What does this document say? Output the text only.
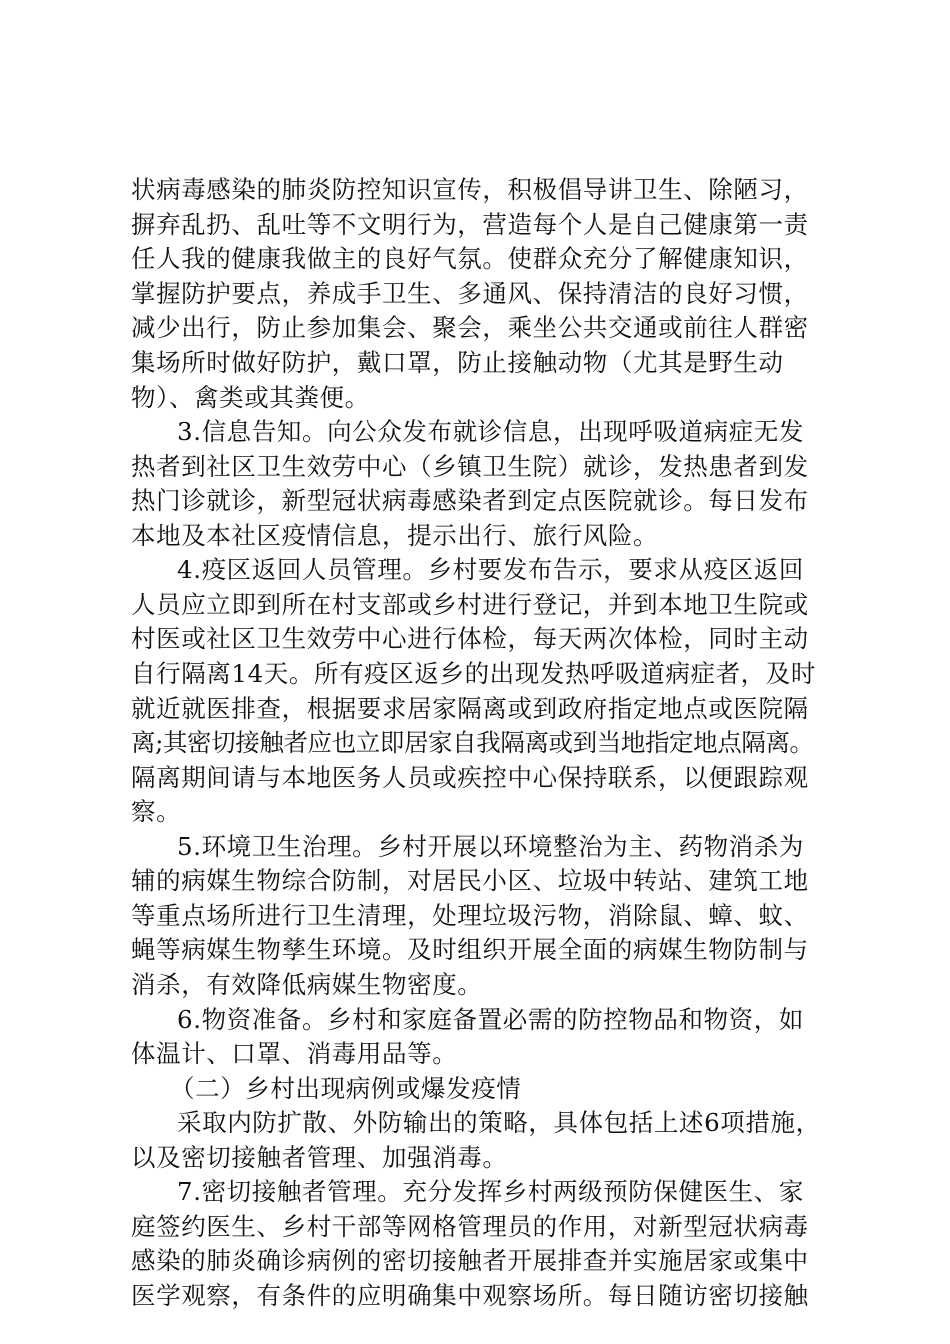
状病毒感染的肺炎防控知识宣传，积极倡导讲卫生、除陋习，
摒弃乱扔、乱吐等不文明行为，营造每个人是自己健康第一责
任人我的健康我做主的良好气氛。使群众充分了解健康知识，
掌握防护要点，养成手卫生、多通风、保持清洁的良好习惯，
减少出行，防止参加集会、聚会，乘坐公共交通或前往人群密
集场所时做好防护，戴口罩，防止接触动物（尤其是野生动
物）、禽类或其粪便。
3.信息告知。向公众发布就诊信息，出现呼吸道病症无发
热者到社区卫生效劳中心（乡镇卫生院）就诊，发热患者到发
热门诊就诊，新型冠状病毒感染者到定点医院就诊。每日发布
本地及本社区疫情信息，提示出行、旅行风险。
4.疫区返回人员管理。乡村要发布告示，要求从疫区返回
人员应立即到所在村支部或乡村进行登记，并到本地卫生院或
村医或社区卫生效劳中心进行体检，每天两次体检，同时主动
自行隔离14天。所有疫区返乡的出现发热呼吸道病症者，及时
就近就医排查，根据要求居家隔离或到政府指定地点或医院隔
离;其密切接触者应也立即居家自我隔离或到当地指定地点隔离。
隔离期间请与本地医务人员或疾控中心保持联系，以便跟踪观
察。
5.环境卫生治理。乡村开展以环境整治为主、药物消杀为
辅的病媒生物综合防制，对居民小区、垃圾中转站、建筑工地
等重点场所进行卫生清理，处理垃圾污物，消除鼠、蟑、蚊、
蝇等病媒生物孳生环境。及时组织开展全面的病媒生物防制与
消杀，有效降低病媒生物密度。
6.物资准备。乡村和家庭备置必需的防控物品和物资，如
体温计、口罩、消毒用品等。
（二）乡村出现病例或爆发疫情
采取内防扩散、外防输出的策略，具体包括上述6项措施，
以及密切接触者管理、加强消毒。
7.密切接触者管理。充分发挥乡村两级预防保健医生、家
庭签约医生、乡村干部等网格管理员的作用，对新型冠状病毒
感染的肺炎确诊病例的密切接触者开展排查并实施居家或集中
医学观察，有条件的应明确集中观察场所。每日随访密切接触
